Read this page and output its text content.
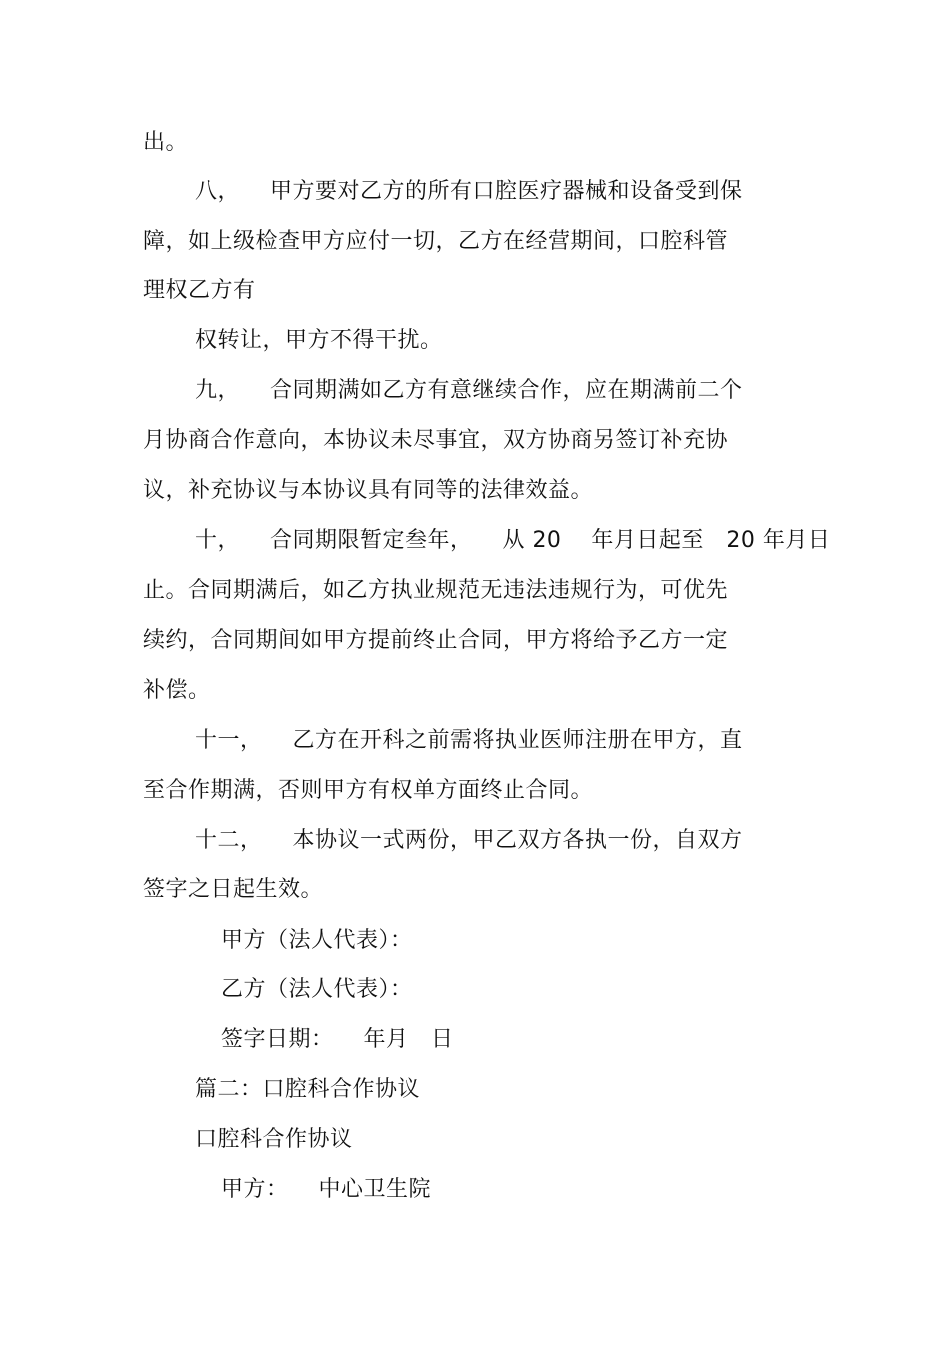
出。
八，    甲方要对乙方的所有口腔医疗器械和设备受到保
障，如上级检查甲方应付一切，乙方在经营期间，口腔科管
理权乙方有
权转让，甲方不得干扰。
九，    合同期满如乙方有意继续合作，应在期满前二个
月协商合作意向，本协议未尽事宜，双方协商另签订补充协
议，补充协议与本协议具有同等的法律效益。
十，    合同期限暂定叁年，    从 20    年月日起至   20 年月日
止。合同期满后，如乙方执业规范无违法违规行为，可优先
续约，合同期间如甲方提前终止合同，甲方将给予乙方一定
补偿。
十一，    乙方在开科之前需将执业医师注册在甲方，直
至合作期满，否则甲方有权单方面终止合同。
十二，    本协议一式两份，甲乙双方各执一份，自双方
签字之日起生效。
甲方（法人代表）：
乙方（法人代表）：
签字日期：    年月   日
篇二：口腔科合作协议
口腔科合作协议
甲方：    中心卫生院
